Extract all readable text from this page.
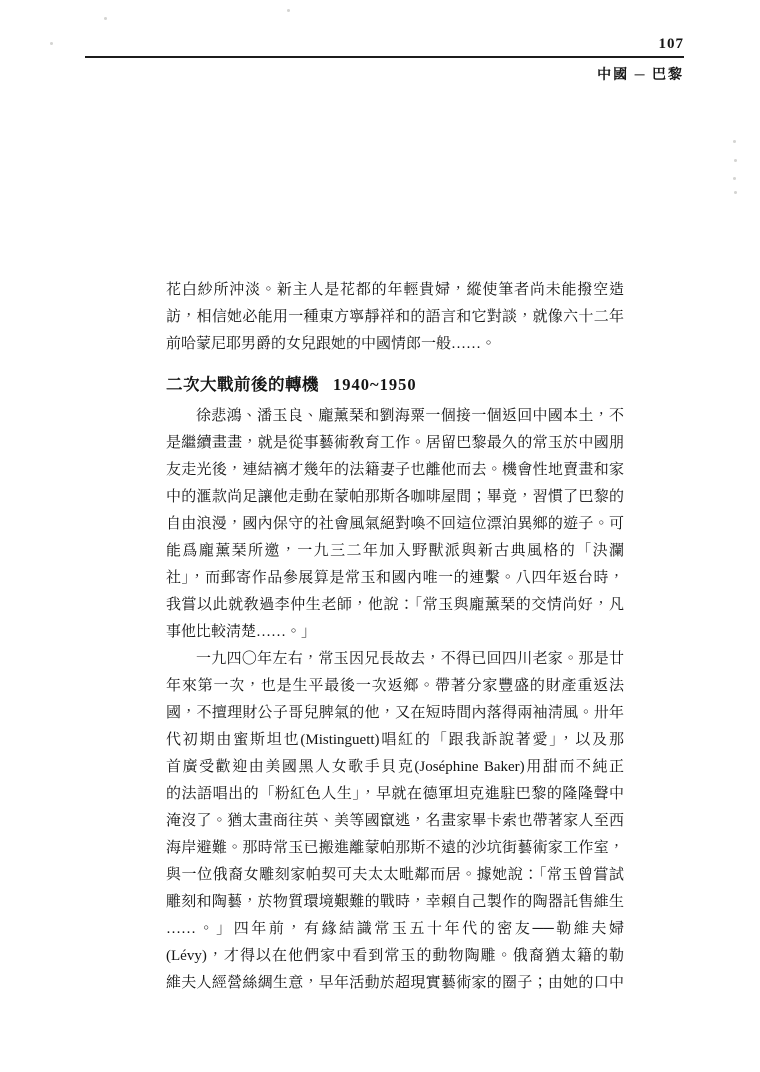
107
中國 ─ 巴黎
花白紗所沖淡。新主人是花都的年輕貴婦，縱使筆者尚未能撥空造
訪，相信她必能用一種東方寧靜祥和的語言和它對談，就像六十二年
前哈蒙尼耶男爵的女兒跟她的中國情郎一般……。
二次大戰前後的轉機 1940~1950
徐悲鴻、潘玉良、龐薰琹和劉海粟一個接一個返回中國本土，不
是繼續畫畫，就是從事藝術敎育工作。居留巴黎最久的常玉於中國朋
友走光後，連結褵才幾年的法籍妻子也離他而去。機會性地賣畫和家
中的滙款尚足讓他走動在蒙帕那斯各咖啡屋間；畢竟，習慣了巴黎的
自由浪漫，國內保守的社會風氣絕對喚不回這位漂泊異鄉的遊子。可
能爲龐薰琹所邀，一九三二年加入野獸派與新古典風格的「決瀾
社」，而郵寄作品參展算是常玉和國內唯一的連繫。八四年返台時，
我嘗以此就敎過李仲生老師，他說：「常玉與龐薰琹的交情尚好，凡
事他比較淸楚……。」
一九四〇年左右，常玉因兄長故去，不得已回四川老家。那是廿
年來第一次，也是生平最後一次返鄉。帶著分家豐盛的財產重返法
國，不擅理財公子哥兒脾氣的他，又在短時間內落得兩袖淸風。卅年
代初期由蜜斯坦也(Mistinguett)唱紅的「跟我訴說著愛」，以及那
首廣受歡迎由美國黑人女歌手貝克(Joséphine Baker)用甜而不純正
的法語唱出的「粉紅色人生」，早就在德軍坦克進駐巴黎的隆隆聲中
淹沒了。猶太畫商往英、美等國竄逃，名畫家畢卡索也帶著家人至西
海岸避難。那時常玉已搬進離蒙帕那斯不遠的沙坑街藝術家工作室，
與一位俄裔女雕刻家帕契可夫太太毗鄰而居。據她說：「常玉曾嘗試
雕刻和陶藝，於物質環境艱難的戰時，幸賴自己製作的陶器託售維生
……。」四年前，有緣結識常玉五十年代的密友──勒維夫婦
(Lévy)，才得以在他們家中看到常玉的動物陶雕。俄裔猶太籍的勒
維夫人經營絲綢生意，早年活動於超現實藝術家的圈子；由她的口中
